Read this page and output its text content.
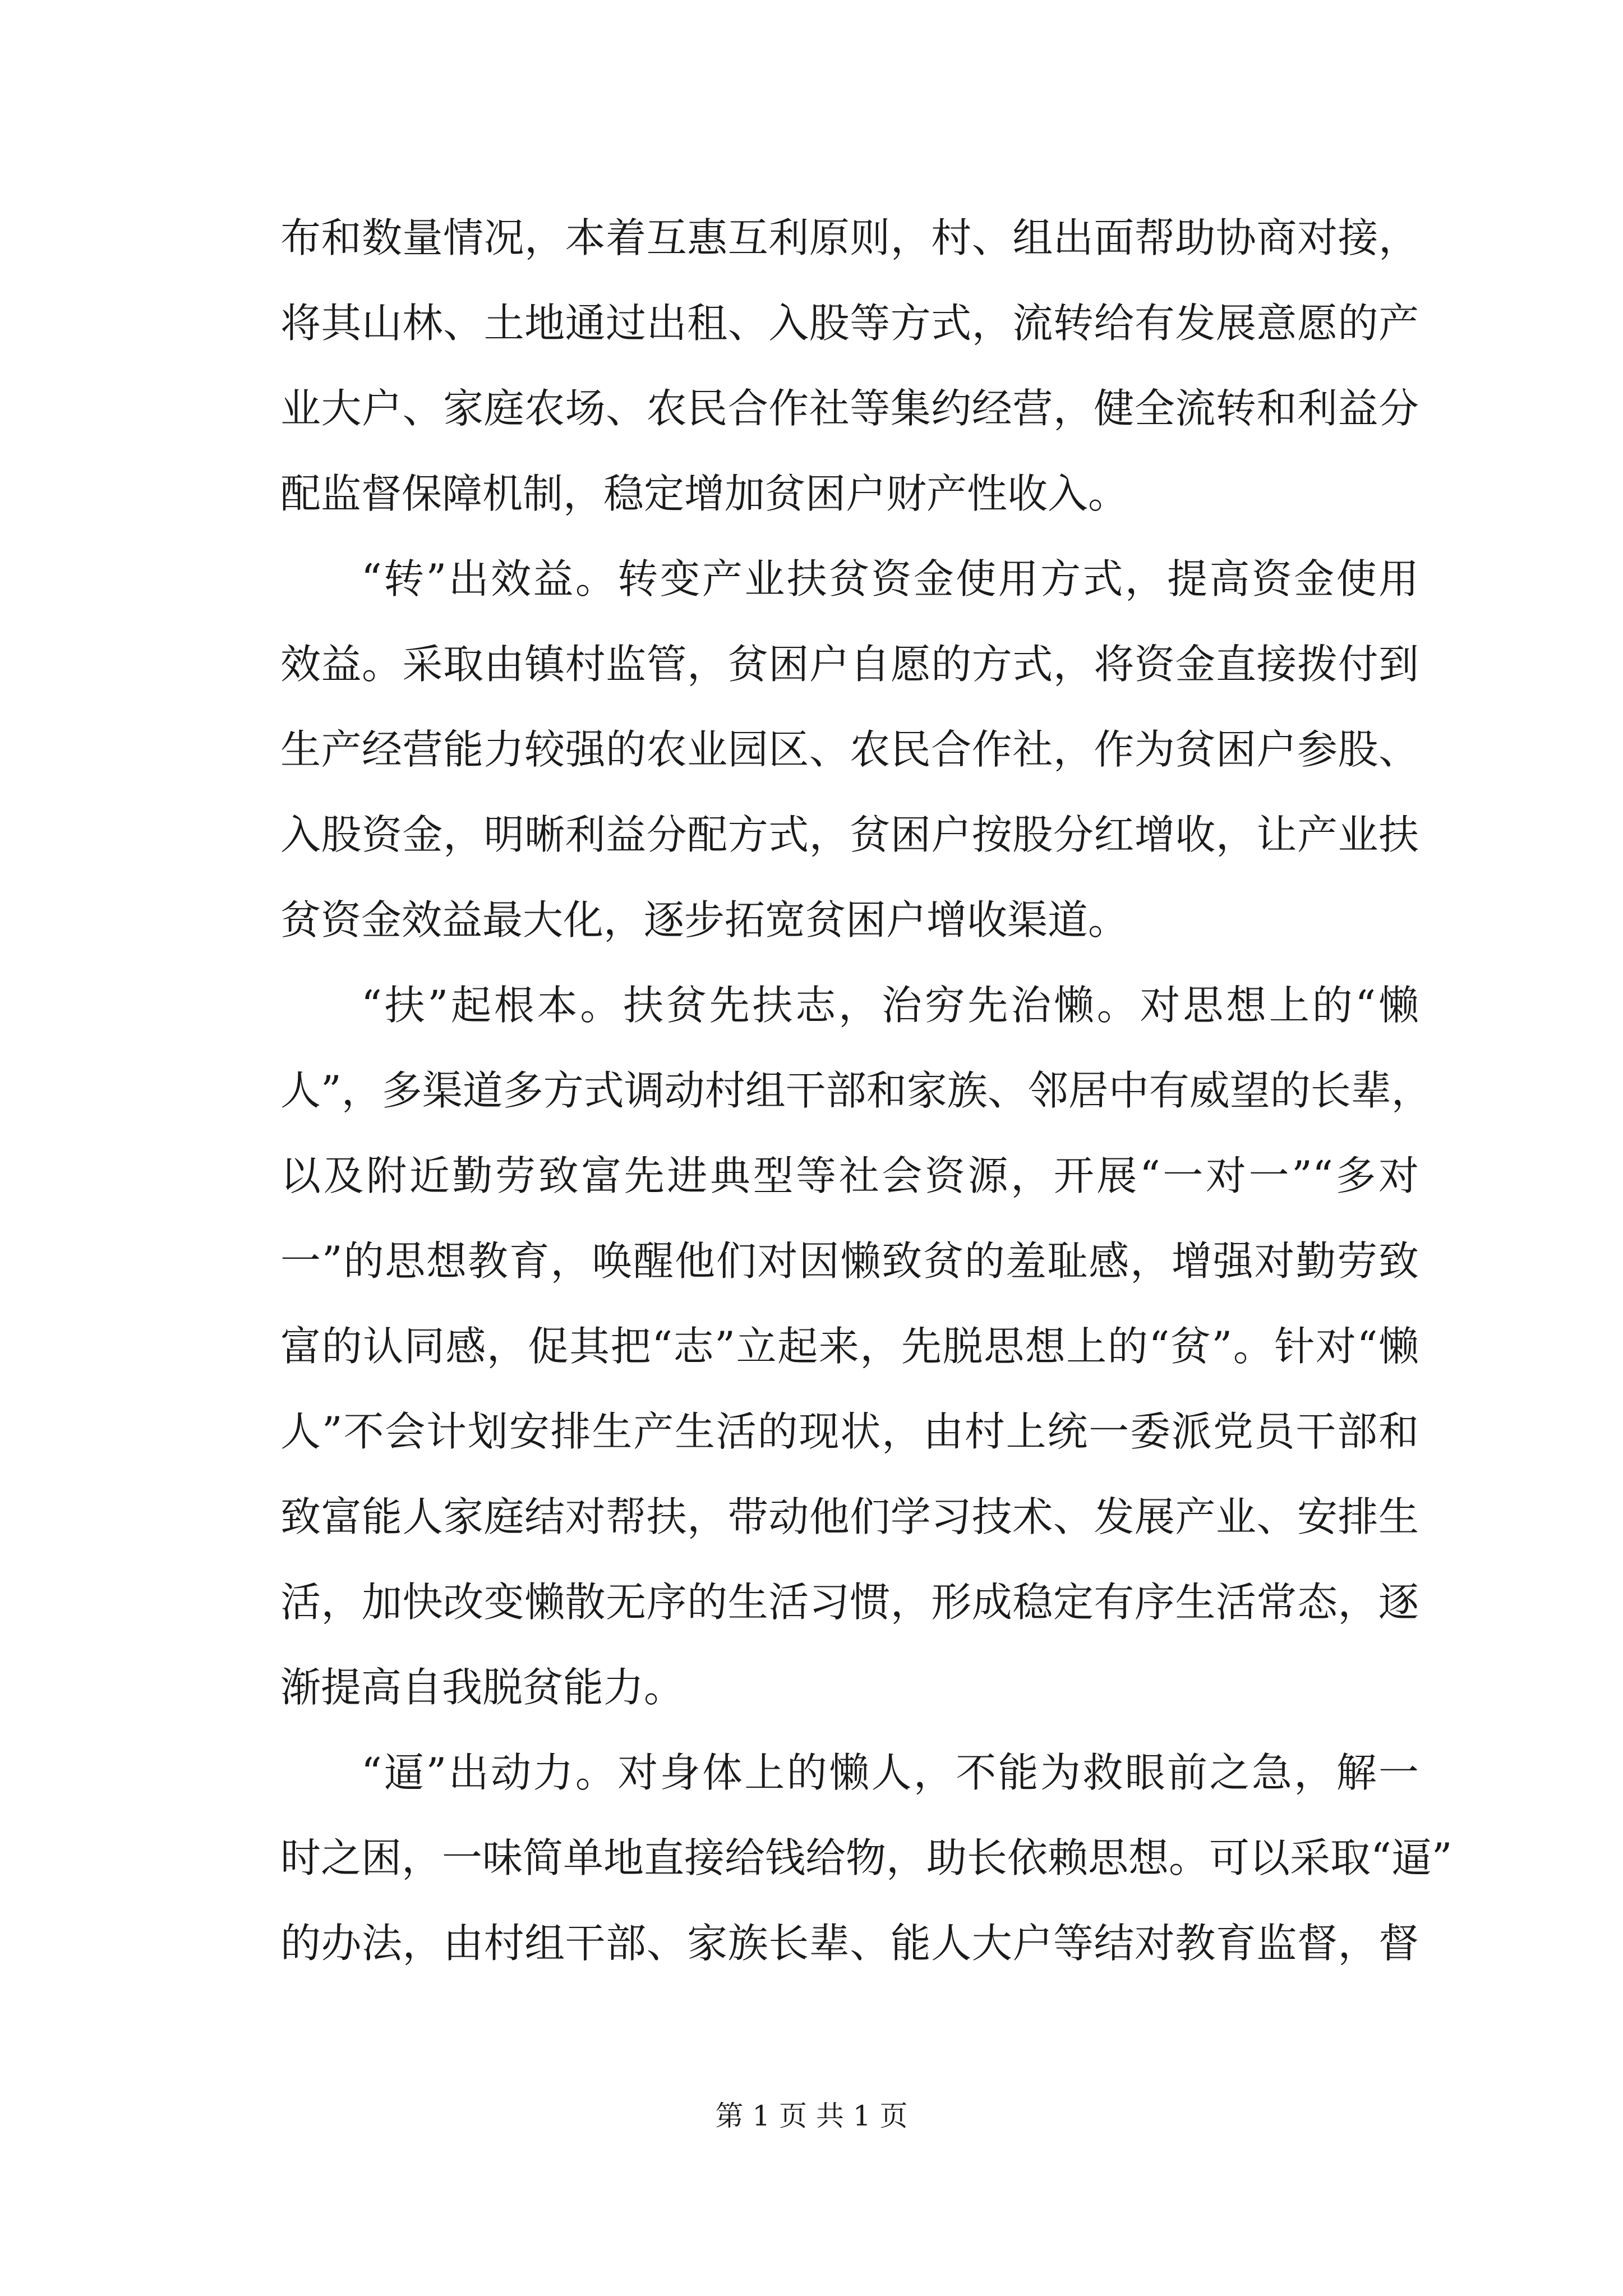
布和数量情况，本着互惠互利原则，村、组出面帮助协商对接，
将其山林、土地通过出租、入股等方式，流转给有发展意愿的产
业大户、家庭农场、农民合作社等集约经营，健全流转和利益分
配监督保障机制，稳定增加贫困户财产性收入。
“转”出效益。转变产业扶贫资金使用方式，提高资金使用
效益。采取由镇村监管，贫困户自愿的方式，将资金直接拨付到
生产经营能力较强的农业园区、农民合作社，作为贫困户参股、
入股资金，明晰利益分配方式，贫困户按股分红增收，让产业扶
贫资金效益最大化，逐步拓宽贫困户增收渠道。
“扶”起根本。扶贫先扶志，治穷先治懒。对思想上的“懒
人”，多渠道多方式调动村组干部和家族、邻居中有威望的长辈，
以及附近勤劳致富先进典型等社会资源，开展“一对一”“多对
一”的思想教育，唤醒他们对因懒致贫的羞耻感，增强对勤劳致
富的认同感，促其把“志”立起来，先脱思想上的“贫”。针对“懒
人”不会计划安排生产生活的现状，由村上统一委派党员干部和
致富能人家庭结对帮扶，带动他们学习技术、发展产业、安排生
活，加快改变懒散无序的生活习惯，形成稳定有序生活常态，逐
渐提高自我脱贫能力。
“逼”出动力。对身体上的懒人，不能为救眼前之急，解一
时之困，一味简单地直接给钱给物，助长依赖思想。可以采取“逼”
的办法，由村组干部、家族长辈、能人大户等结对教育监督，督
第 1 页 共 1 页
